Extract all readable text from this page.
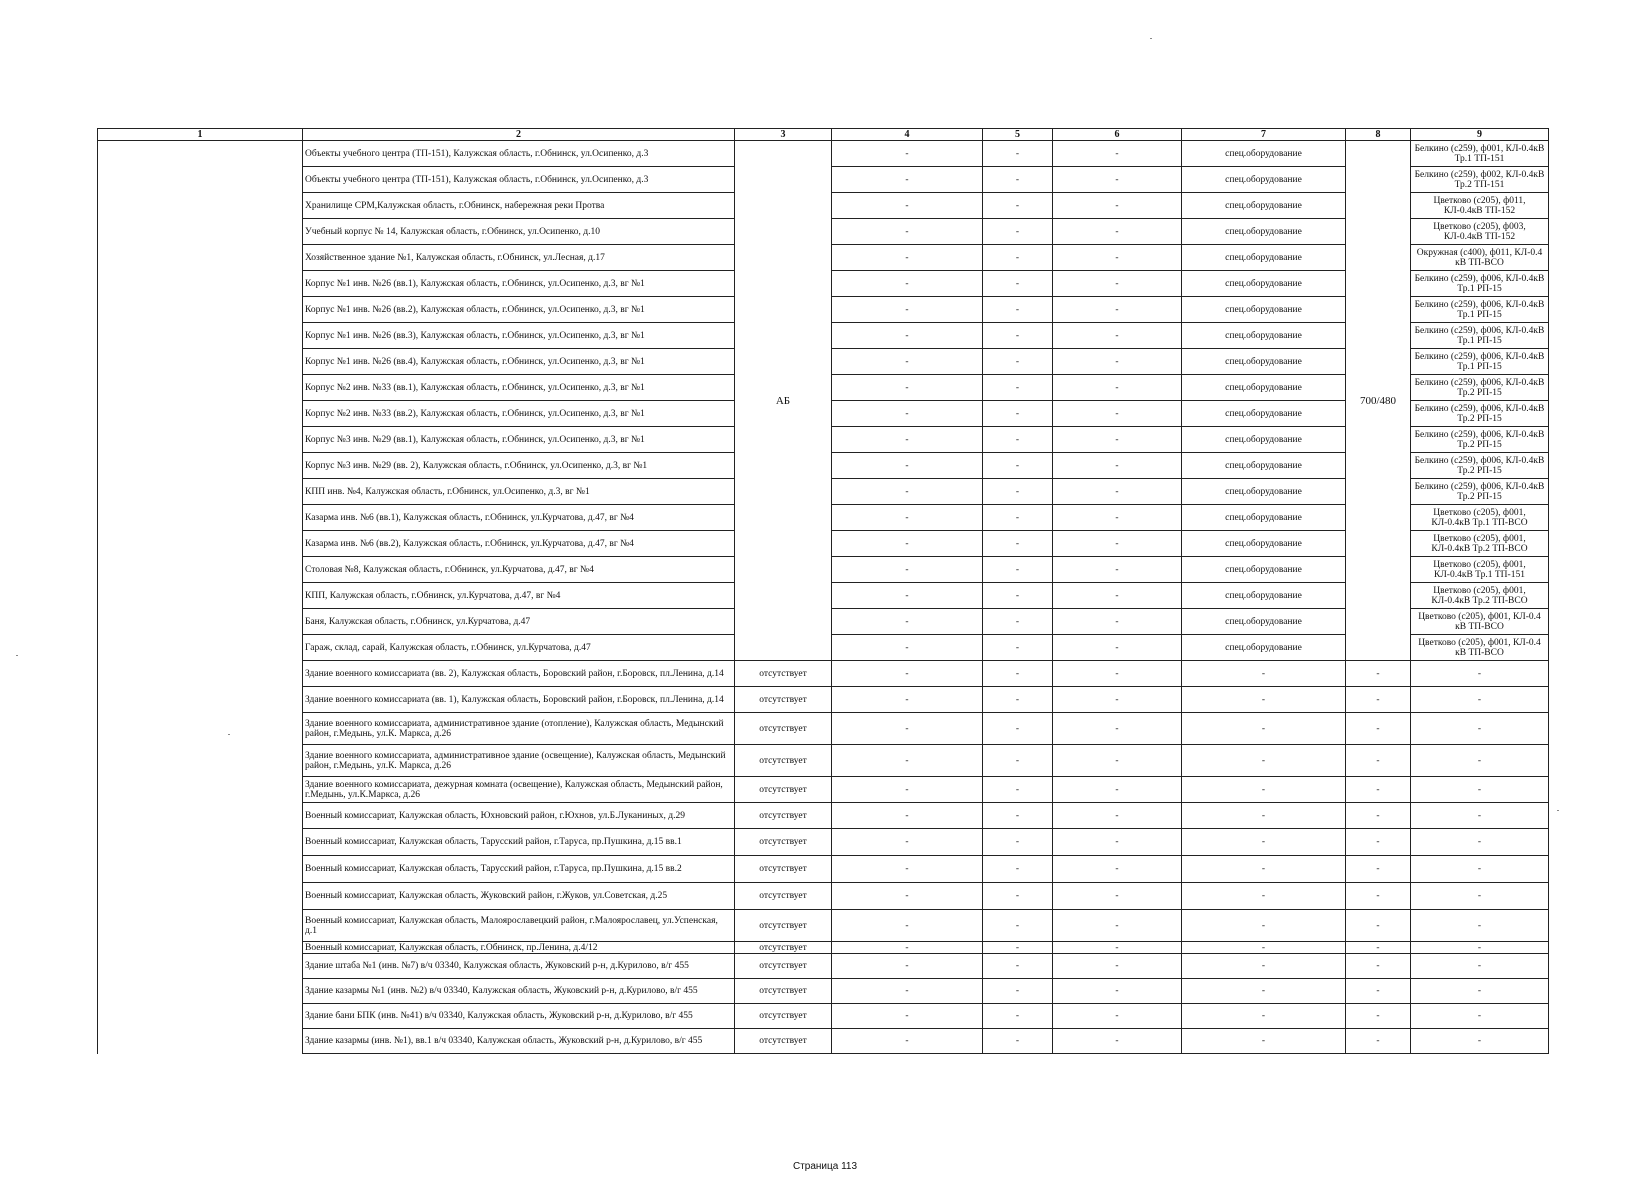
1	2	3	4	5	6	7	8	9
	Объекты учебного центра (ТП-151), Калужская область, г.Обнинск, ул.Осипенко, д.3	АБ	-	-	-	спец.оборудование	700/480	Белкино (с259), ф001, КЛ-0.4кВ Тр.1 ТП-151
	Объекты учебного центра (ТП-151), Калужская область, г.Обнинск, ул.Осипенко, д.3		-	-	-	спец.оборудование		Белкино (с259), ф002, КЛ-0.4кВ Тр.2 ТП-151
	Хранилище СРМ,Калужская область, г.Обнинск, набережная реки Протва		-	-	-	спец.оборудование		Цветково (с205), ф011, КЛ-0.4кВ ТП-152
	Учебный корпус № 14, Калужская область, г.Обнинск, ул.Осипенко, д.10		-	-	-	спец.оборудование		Цветково (с205), ф003, КЛ-0.4кВ ТП-152
	Хозяйственное здание №1, Калужская область, г.Обнинск, ул.Лесная, д.17		-	-	-	спец.оборудование		Окружная (с400), ф011, КЛ-0.4 кВ ТП-ВСО
	Корпус №1 инв. №26 (вв.1), Калужская область, г.Обнинск, ул.Осипенко, д.3, вг №1		-	-	-	спец.оборудование		Белкино (с259), ф006, КЛ-0.4кВ Тр.1 РП-15
	Корпус №1 инв. №26 (вв.2), Калужская область, г.Обнинск, ул.Осипенко, д.3, вг №1		-	-	-	спец.оборудование		Белкино (с259), ф006, КЛ-0.4кВ Тр.1 РП-15
	Корпус №1 инв. №26 (вв.3), Калужская область, г.Обнинск, ул.Осипенко, д.3, вг №1		-	-	-	спец.оборудование		Белкино (с259), ф006, КЛ-0.4кВ Тр.1 РП-15
	Корпус №1 инв. №26 (вв.4), Калужская область, г.Обнинск, ул.Осипенко, д.3, вг №1		-	-	-	спец.оборудование		Белкино (с259), ф006, КЛ-0.4кВ Тр.1 РП-15
	Корпус №2 инв. №33 (вв.1), Калужская область, г.Обнинск, ул.Осипенко, д.3, вг №1		-	-	-	спец.оборудование		Белкино (с259), ф006, КЛ-0.4кВ Тр.2 РП-15
	Корпус №2 инв. №33 (вв.2), Калужская область, г.Обнинск, ул.Осипенко, д.3, вг №1		-	-	-	спец.оборудование		Белкино (с259), ф006, КЛ-0.4кВ Тр.2 РП-15
	Корпус №3 инв. №29 (вв.1), Калужская область, г.Обнинск, ул.Осипенко, д.3, вг №1		-	-	-	спец.оборудование		Белкино (с259), ф006, КЛ-0.4кВ Тр.2 РП-15
	Корпус №3 инв. №29 (вв. 2), Калужская область, г.Обнинск, ул.Осипенко, д.3, вг №1		-	-	-	спец.оборудование		Белкино (с259), ф006, КЛ-0.4кВ Тр.2 РП-15
	КПП инв. №4, Калужская область, г.Обнинск, ул.Осипенко, д.3, вг №1		-	-	-	спец.оборудование		Белкино (с259), ф006, КЛ-0.4кВ Тр.2 РП-15
	Казарма инв. №6 (вв.1), Калужская область, г.Обнинск, ул.Курчатова, д.47, вг №4		-	-	-	спец.оборудование		Цветково (с205), ф001, КЛ-0.4кВ Тр.1 ТП-ВСО
	Казарма инв. №6 (вв.2), Калужская область, г.Обнинск, ул.Курчатова, д.47, вг №4		-	-	-	спец.оборудование		Цветково (с205), ф001, КЛ-0.4кВ Тр.2 ТП-ВСО
	Столовая №8, Калужская область, г.Обнинск, ул.Курчатова, д.47, вг №4		-	-	-	спец.оборудование		Цветково (с205), ф001, КЛ-0.4кВ Тр.1 ТП-151
	КПП, Калужская область, г.Обнинск, ул.Курчатова, д.47, вг №4		-	-	-	спец.оборудование		Цветково (с205), ф001, КЛ-0.4кВ Тр.2 ТП-ВСО
	Баня, Калужская область, г.Обнинск, ул.Курчатова, д.47		-	-	-	спец.оборудование		Цветково (с205), ф001, КЛ-0.4 кВ ТП-ВСО
	Гараж, склад, сарай, Калужская область, г.Обнинск, ул.Курчатова, д.47		-	-	-	спец.оборудование		Цветково (с205), ф001, КЛ-0.4 кВ ТП-ВСО
	Здание военного комиссариата (вв. 2), Калужская область, Боровский район, г.Боровск, пл.Ленина, д.14	отсутствует	-	-	-	-	-	-
	Здание военного комиссариата (вв. 1), Калужская область, Боровский район, г.Боровск, пл.Ленина, д.14	отсутствует	-	-	-	-	-	-
	Здание военного комиссариата, административное здание (отопление), Калужская область, Медынский район, г.Медынь, ул.К. Маркса, д.26	отсутствует	-	-	-	-	-	-
	Здание военного комиссариата, административное здание (освещение), Калужская область, Медынский район, г.Медынь, ул.К. Маркса, д.26	отсутствует	-	-	-	-	-	-
	Здание военного комиссариата, дежурная комната (освещение), Калужская область, Медынский район, г.Медынь, ул.К.Маркса, д.26	отсутствует	-	-	-	-	-	-
	Военный комиссариат, Калужская область, Юхновский район, г.Юхнов, ул.Б.Луканиных, д.29	отсутствует	-	-	-	-	-	-
	Военный комиссариат, Калужская область, Тарусский район, г.Таруса, пр.Пушкина, д.15 вв.1	отсутствует	-	-	-	-	-	-
	Военный комиссариат, Калужская область, Тарусский район, г.Таруса, пр.Пушкина, д.15 вв.2	отсутствует	-	-	-	-	-	-
	Военный комиссариат, Калужская область, Жуковский район, г.Жуков, ул.Советская, д.25	отсутствует	-	-	-	-	-	-
	Военный комиссариат, Калужская область, Малоярославецкий район, г.Малоярославец, ул.Успенская, д.1	отсутствует	-	-	-	-	-	-
	Военный комиссариат, Калужская область, г.Обнинск, пр.Ленина, д.4/12	отсутствует	-	-	-	-	-	-
	Здание штаба №1 (инв. №7) в/ч 03340, Калужская область, Жуковский р-н, д.Курилово, в/г 455	отсутствует	-	-	-	-	-	-
	Здание казармы №1 (инв. №2) в/ч 03340, Калужская область, Жуковский р-н, д.Курилово, в/г 455	отсутствует	-	-	-	-	-	-
	Здание бани БПК (инв. №41) в/ч 03340, Калужская область, Жуковский р-н, д.Курилово, в/г 455	отсутствует	-	-	-	-	-	-
	Здание казармы (инв. №1), вв.1 в/ч 03340, Калужская область, Жуковский р-н, д.Курилово, в/г 455	отсутствует	-	-	-	-	-	-
Страница 113
